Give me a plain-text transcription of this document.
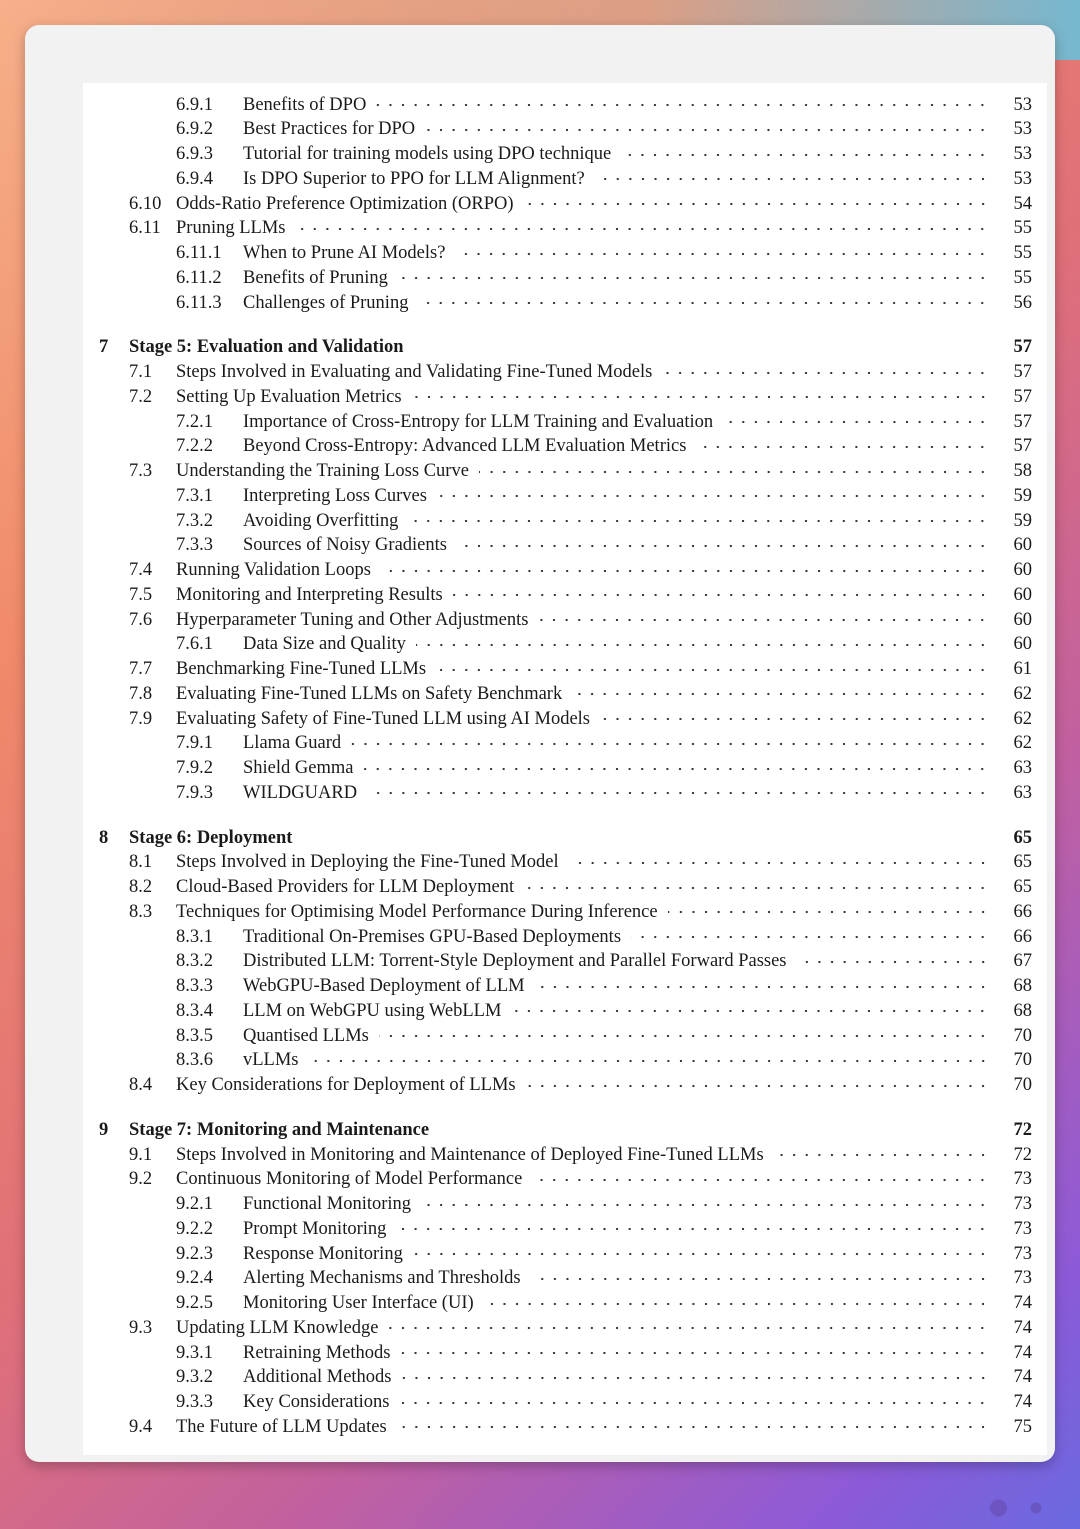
6.9.1 Benefits of DPO	53
6.9.2 Best Practices for DPO	53
6.9.3 Tutorial for training models using DPO technique	53
6.9.4 Is DPO Superior to PPO for LLM Alignment?	53
6.10 Odds-Ratio Preference Optimization (ORPO)	54
6.11 Pruning LLMs	55
6.11.1 When to Prune AI Models?	55
6.11.2 Benefits of Pruning	55
6.11.3 Challenges of Pruning	56
7 Stage 5: Evaluation and Validation	57
7.1 Steps Involved in Evaluating and Validating Fine-Tuned Models	57
7.2 Setting Up Evaluation Metrics	57
7.2.1 Importance of Cross-Entropy for LLM Training and Evaluation	57
7.2.2 Beyond Cross-Entropy: Advanced LLM Evaluation Metrics	57
7.3 Understanding the Training Loss Curve	58
7.3.1 Interpreting Loss Curves	59
7.3.2 Avoiding Overfitting	59
7.3.3 Sources of Noisy Gradients	60
7.4 Running Validation Loops	60
7.5 Monitoring and Interpreting Results	60
7.6 Hyperparameter Tuning and Other Adjustments	60
7.6.1 Data Size and Quality	60
7.7 Benchmarking Fine-Tuned LLMs	61
7.8 Evaluating Fine-Tuned LLMs on Safety Benchmark	62
7.9 Evaluating Safety of Fine-Tuned LLM using AI Models	62
7.9.1 Llama Guard	62
7.9.2 Shield Gemma	63
7.9.3 WILDGUARD	63
8 Stage 6: Deployment	65
8.1 Steps Involved in Deploying the Fine-Tuned Model	65
8.2 Cloud-Based Providers for LLM Deployment	65
8.3 Techniques for Optimising Model Performance During Inference	66
8.3.1 Traditional On-Premises GPU-Based Deployments	66
8.3.2 Distributed LLM: Torrent-Style Deployment and Parallel Forward Passes	67
8.3.3 WebGPU-Based Deployment of LLM	68
8.3.4 LLM on WebGPU using WebLLM	68
8.3.5 Quantised LLMs	70
8.3.6 vLLMs	70
8.4 Key Considerations for Deployment of LLMs	70
9 Stage 7: Monitoring and Maintenance	72
9.1 Steps Involved in Monitoring and Maintenance of Deployed Fine-Tuned LLMs	72
9.2 Continuous Monitoring of Model Performance	73
9.2.1 Functional Monitoring	73
9.2.2 Prompt Monitoring	73
9.2.3 Response Monitoring	73
9.2.4 Alerting Mechanisms and Thresholds	73
9.2.5 Monitoring User Interface (UI)	74
9.3 Updating LLM Knowledge	74
9.3.1 Retraining Methods	74
9.3.2 Additional Methods	74
9.3.3 Key Considerations	74
9.4 The Future of LLM Updates	75
